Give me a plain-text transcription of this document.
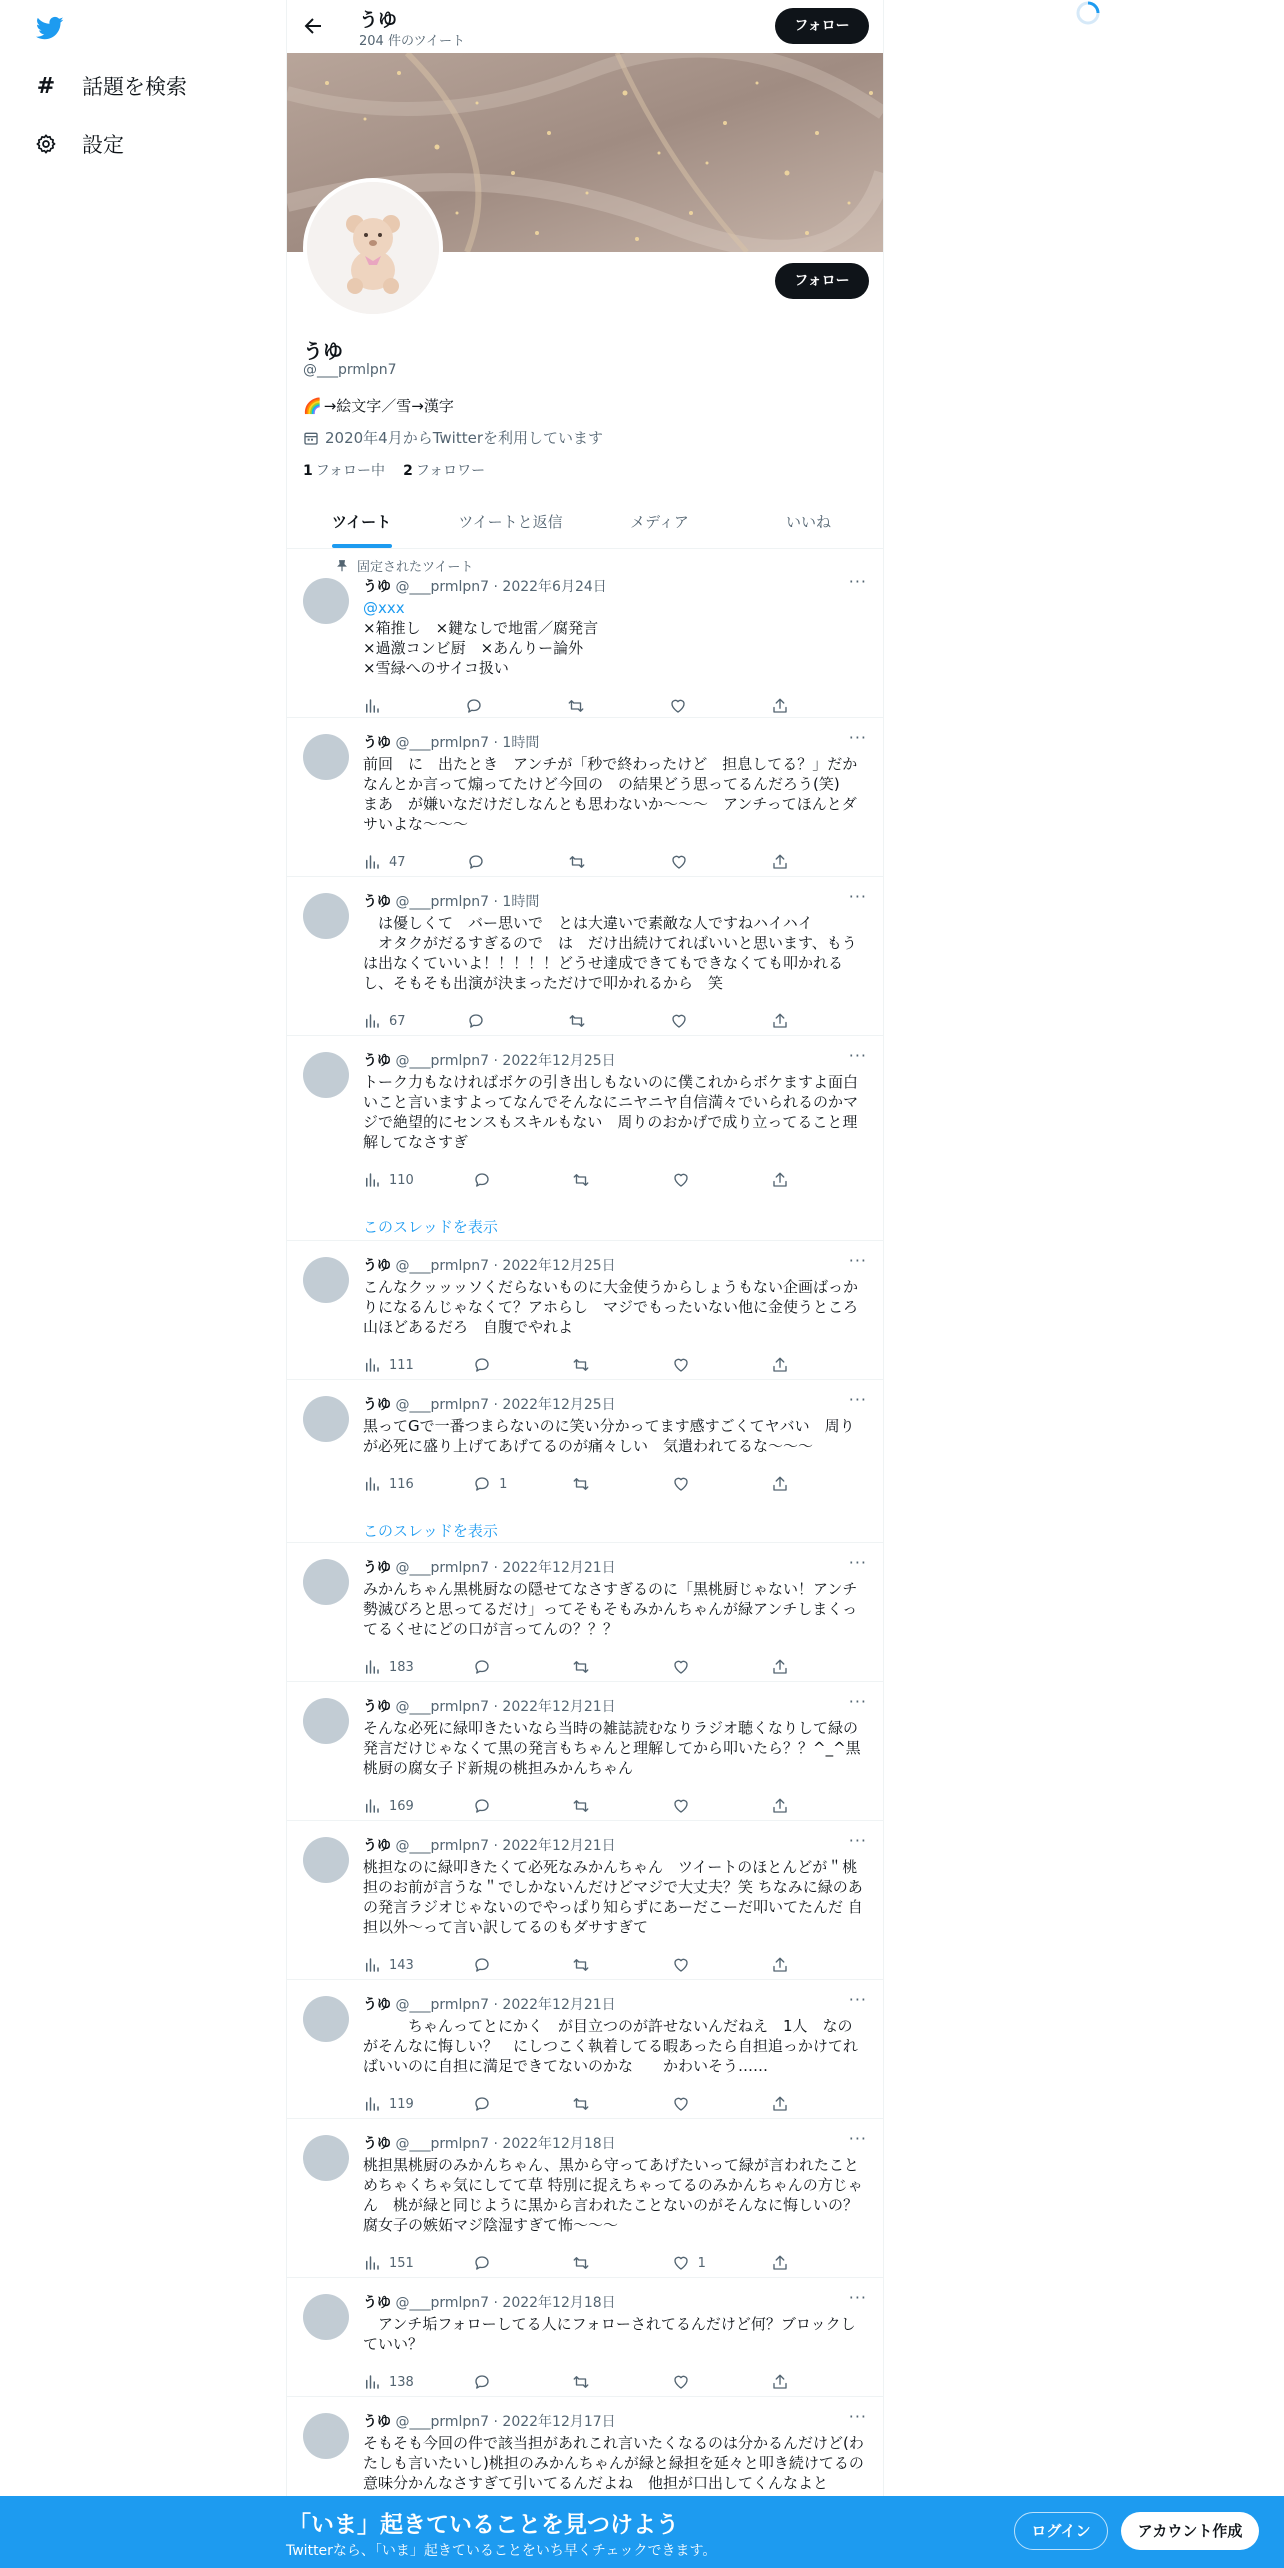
# 話題を検索
設定
うゆ
204 件のツイート
フォロー
フォロー
うゆ
@___prmlpn7
🌈 →絵文字／雪→漢字
2020年4月からTwitterを利用しています
1 フォロー中 2 フォロワー
ツイート	ツイートと返信	メディア	いいね
固定されたツイート
うゆ @___prmlpn7 · 2022年6月24日	···
@xxx
×箱推し　×鍵なしで地雷／腐発言
×過激コンビ厨　×あんりー論外
×雪緑へのサイコ扱い
うゆ @___prmlpn7 · 1時間	···
前回　に　出たとき　アンチが「秒で終わったけど　担息してる？」だかなんとか言って煽ってたけど今回の　の結果どう思ってるんだろう(笑)　まあ　が嫌いなだけだしなんとも思わないか〜〜〜　アンチってほんとダサいよな〜〜〜
47
うゆ @___prmlpn7 · 1時間	···
　は優しくて　バー思いで　とは大違いで素敵な人ですねハイハイ
　オタクがだるすぎるので　は　だけ出続けてればいいと思います、もう　は出なくていいよ！！！！！どうせ達成できてもできなくても叩かれるし、そもそも出演が決まっただけで叩かれるから　笑
67
うゆ @___prmlpn7 · 2022年12月25日	···
トーク力もなければボケの引き出しもないのに僕これからボケますよ面白いこと言いますよってなんでそんなにニヤニヤ自信満々でいられるのかマジで絶望的にセンスもスキルもない　周りのおかげで成り立ってること理解してなさすぎ
110
このスレッドを表示
うゆ @___prmlpn7 · 2022年12月25日	···
こんなクッッッソくだらないものに大金使うからしょうもない企画ばっかりになるんじゃなくて？アホらし　マジでもったいない他に金使うところ山ほどあるだろ　自腹でやれよ
111
うゆ @___prmlpn7 · 2022年12月25日	···
黒ってGで一番つまらないのに笑い分かってます感すごくてヤバい　周りが必死に盛り上げてあげてるのが痛々しい　気遣われてるな〜〜〜
116	1
このスレッドを表示
うゆ @___prmlpn7 · 2022年12月21日	···
みかんちゃん黒桃厨なの隠せてなさすぎるのに「黒桃厨じゃない！アンチ勢滅びろと思ってるだけ」ってそもそもみかんちゃんが緑アンチしまくってるくせにどの口が言ってんの？？？
183
うゆ @___prmlpn7 · 2022年12月21日	···
そんな必死に緑叩きたいなら当時の雑誌読むなりラジオ聴くなりして緑の発言だけじゃなくて黒の発言もちゃんと理解してから叩いたら？？^_^黒桃厨の腐女子ド新規の桃担みかんちゃん
169
うゆ @___prmlpn7 · 2022年12月21日	···
桃担なのに緑叩きたくて必死なみかんちゃん　ツイートのほとんどが＂桃担のお前が言うな＂でしかないんだけどマジで大丈夫？笑 ちなみに緑のあの発言ラジオじゃないのでやっぱり知らずにあーだこーだ叩いてたんだ 自担以外〜って言い訳してるのもダサすぎて
143
うゆ @___prmlpn7 · 2022年12月21日	···
　　　ちゃんってとにかく　が目立つのが許せないんだねえ　1人　なのがそんなに悔しい？　にしつこく執着してる暇あったら自担追っかけてればいいのに自担に満足できてないのかな　　かわいそう……
119
うゆ @___prmlpn7 · 2022年12月18日	···
桃担黒桃厨のみかんちゃん、黒から守ってあげたいって緑が言われたことめちゃくちゃ気にしてて草 特別に捉えちゃってるのみかんちゃんの方じゃん　桃が緑と同じように黒から言われたことないのがそんなに悔しいの？腐女子の嫉妬マジ陰湿すぎて怖〜〜〜
151	1
うゆ @___prmlpn7 · 2022年12月18日	···
　アンチ垢フォローしてる人にフォローされてるんだけど何？ブロックしていい？
138
うゆ @___prmlpn7 · 2022年12月17日	···
そもそも今回の件で該当担があれこれ言いたくなるのは分かるんだけど(わたしも言いたいし)桃担のみかんちゃんが緑と緑担を延々と叩き続けてるの意味分かんなさすぎて引いてるんだよね　他担が口出してくんなよと
「いま」起きていることを見つけよう
Twitterなら、「いま」起きていることをいち早くチェックできます。
ログイン	アカウント作成
